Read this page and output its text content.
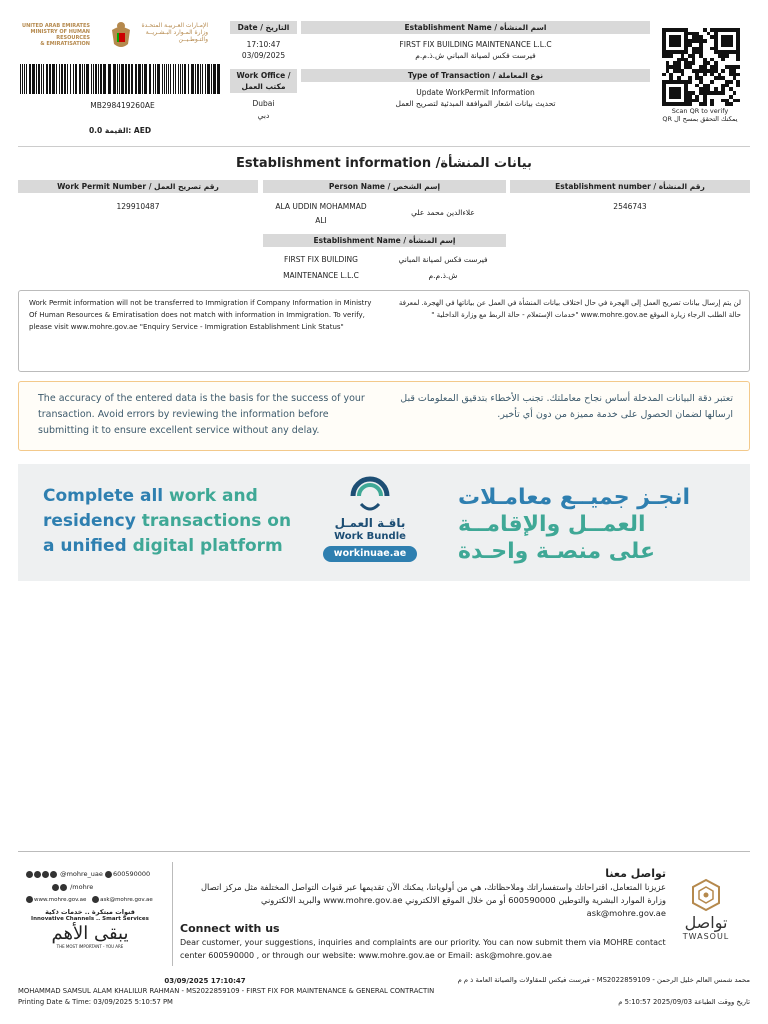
UNITED ARAB EMIRATES
MINISTRY OF HUMAN RESOURCES
& EMIRATISATION
الإمـارات العـربيـة المتحـدة
وزارة المـوارد البـشـريــة
والتـوطـيــن
MB298419260AE
0.0 القيمة: AED
Date / التاريخ
17:10:47
03/09/2025
Work Office / مكتب العمل
Dubai
دبي
Establishment Name / اسم المنشأة
FIRST FIX BUILDING MAINTENANCE L.L.C
فيرست فكس لصيانة المباني ش.ذ.م.م
Type of Transaction / نوع المعاملة
Update WorkPermit Information
تحديث بيانات اشعار الموافقة المبدئية لتصريح العمل
Scan QR to verify
يمكنك التحقق بمسح ال QR
Establishment information /بيانات المنشأة
Work Permit Number / رقم تصريح العمل
129910487
Person Name / إسم الشخص
ALA UDDIN MOHAMMAD
ALI
علاءالدين محمد علي
Establishment number / رقم المنشأة
2546743
Establishment Name / إسم المنشأة
FIRST FIX BUILDING
MAINTENANCE L.L.C
فيرست فكس لصيانة المباني
ش.ذ.م.م

Work Permit information will not be transferred to Immigration if Company Information in Ministry Of Human Resources & Emiratisation does not match with information in Immigration. To verify, please visit www.mohre.gov.ae "Enquiry Service - Immigration Establishment Link Status"

لن يتم إرسال بيانات تصريح العمل إلى الهجرة في حال اختلاف بيانات المنشأة في العمل عن بياناتها في الهجرة. لمعرفة حالة الطلب الرجاء زيارة الموقع www.mohre.gov.ae "خدمات الإستعلام - حالة الربط مع وزارة الداخلية "

The accuracy of the entered data is the basis for the success of your transaction. Avoid errors by reviewing the information before submitting it to ensure excellent service without any delay.

تعتبر دقة البيانات المدخلة أساس نجاح معاملتك. تجنب الأخطاء بتدقيق المعلومات قبل ارسالها لضمان الحصول على خدمة مميزة من دون أي تأخير.

Complete all work and
residency transactions on
a unified digital platform
باقـة العمـل
Work Bundle
workinuae.ae
انجـز جميــع معامـلات
العمــل والإقامــة
على منصـة واحـدة
@mohre_uae 600590000
/mohre
www.mohre.gov.ae	ask@mohre.gov.ae
قنوات مبتكرة .. خدمات ذكية
Innovative Channels .. Smart Services
يبقى الأهم
THE MOST IMPORTANT - YOU ARE
تواصل معنا
عزيزنا المتعامل، اقتراحاتك واستفساراتك وملاحظاتك، هي من أولوياتنا، يمكنك الآن تقديمها عبر قنوات التواصل المختلفة مثل مركز اتصال وزارة الموارد البشرية والتوطين 600590000 أو من خلال الموقع الالكتروني www.mohre.gov.ae والبريد الالكتروني ask@mohre.gov.ae
Connect with us
Dear customer, your suggestions, inquiries and complaints are our priority. You can now submit them via MOHRE contact center 600590000 , or through our website: www.mohre.gov.ae or Email: ask@mohre.gov.ae
تواصل
TWASOUL
03/09/2025 17:10:47	محمد شمس العالم خليل الرحمن - MS2022859109 - فيرست فيكس للمقاولات والصيانة العامة ذ م م
MOHAMMAD SAMSUL ALAM KHALILUR RAHMAN - MS2022859109 - FIRST FIX FOR MAINTENANCE & GENERAL CONTRACTIN
Printing Date & Time: 03/09/2025 5:10:57 PM	تاريخ ووقت الطباعة 2025/09/03 5:10:57 م
